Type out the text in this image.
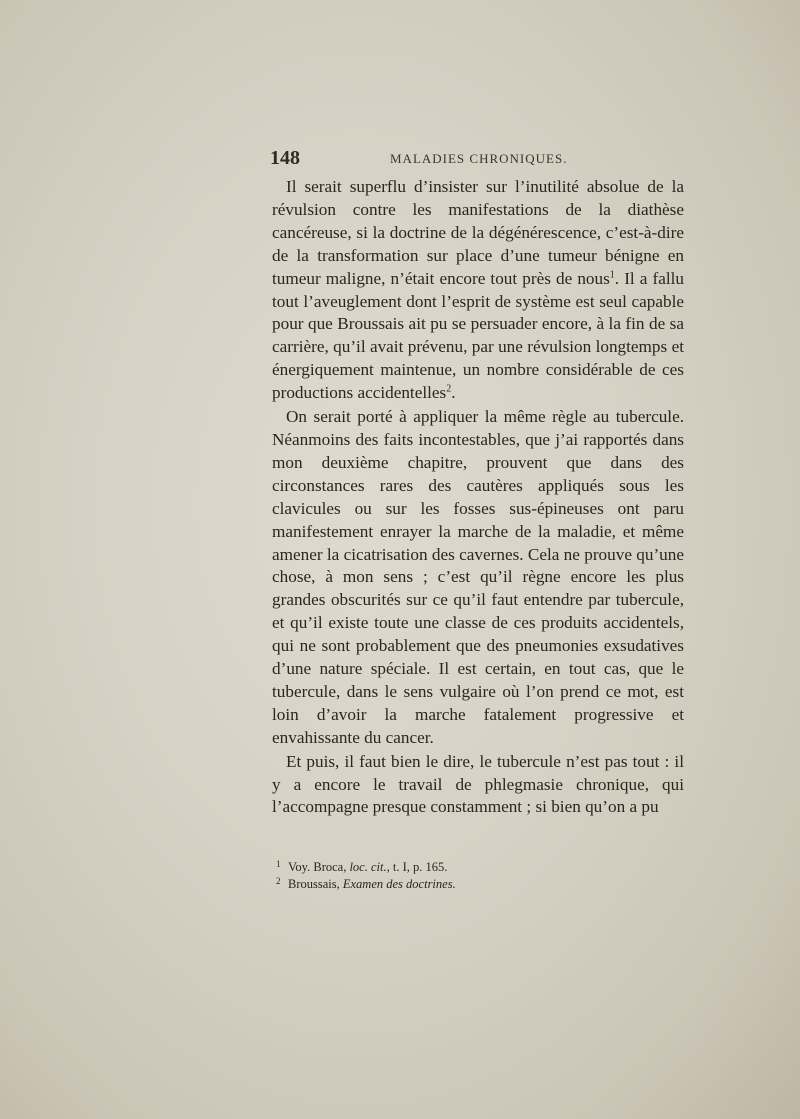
148	MALADIES CHRONIQUES.

Il serait superflu d’insister sur l’inutilité absolue de la révulsion contre les manifestations de la diathèse cancéreuse, si la doctrine de la dégénérescence, c’est-à-dire de la transformation sur place d’une tumeur bénigne en tumeur maligne, n’était encore tout près de nous$^1$. Il a fallu tout l’aveuglement dont l’esprit de système est seul capable pour que Broussais ait pu se persuader encore, à la fin de sa carrière, qu’il avait prévenu, par une révulsion longtemps et énergiquement maintenue, un nombre considérable de ces productions accidentelles$^2$.

On serait porté à appliquer la même règle au tubercule. Néanmoins des faits incontestables, que j’ai rapportés dans mon deuxième chapitre, prouvent que dans des circonstances rares des cautères appliqués sous les clavicules ou sur les fosses sus-épineuses ont paru manifestement enrayer la marche de la maladie, et même amener la cicatrisation des cavernes. Cela ne prouve qu’une chose, à mon sens ; c’est qu’il règne encore les plus grandes obscurités sur ce qu’il faut entendre par tubercule, et qu’il existe toute une classe de ces produits accidentels, qui ne sont probablement que des pneumonies exsudatives d’une nature spéciale. Il est certain, en tout cas, que le tubercule, dans le sens vulgaire où l’on prend ce mot, est loin d’avoir la marche fatalement progressive et envahissante du cancer.

Et puis, il faut bien le dire, le tubercule n’est pas tout : il y a encore le travail de phlegmasie chronique, qui l’accompagne presque constamment ; si bien qu’on a pu

1 Voy. Broca, loc. cit., t. I, p. 165.

2 Broussais, Examen des doctrines.
